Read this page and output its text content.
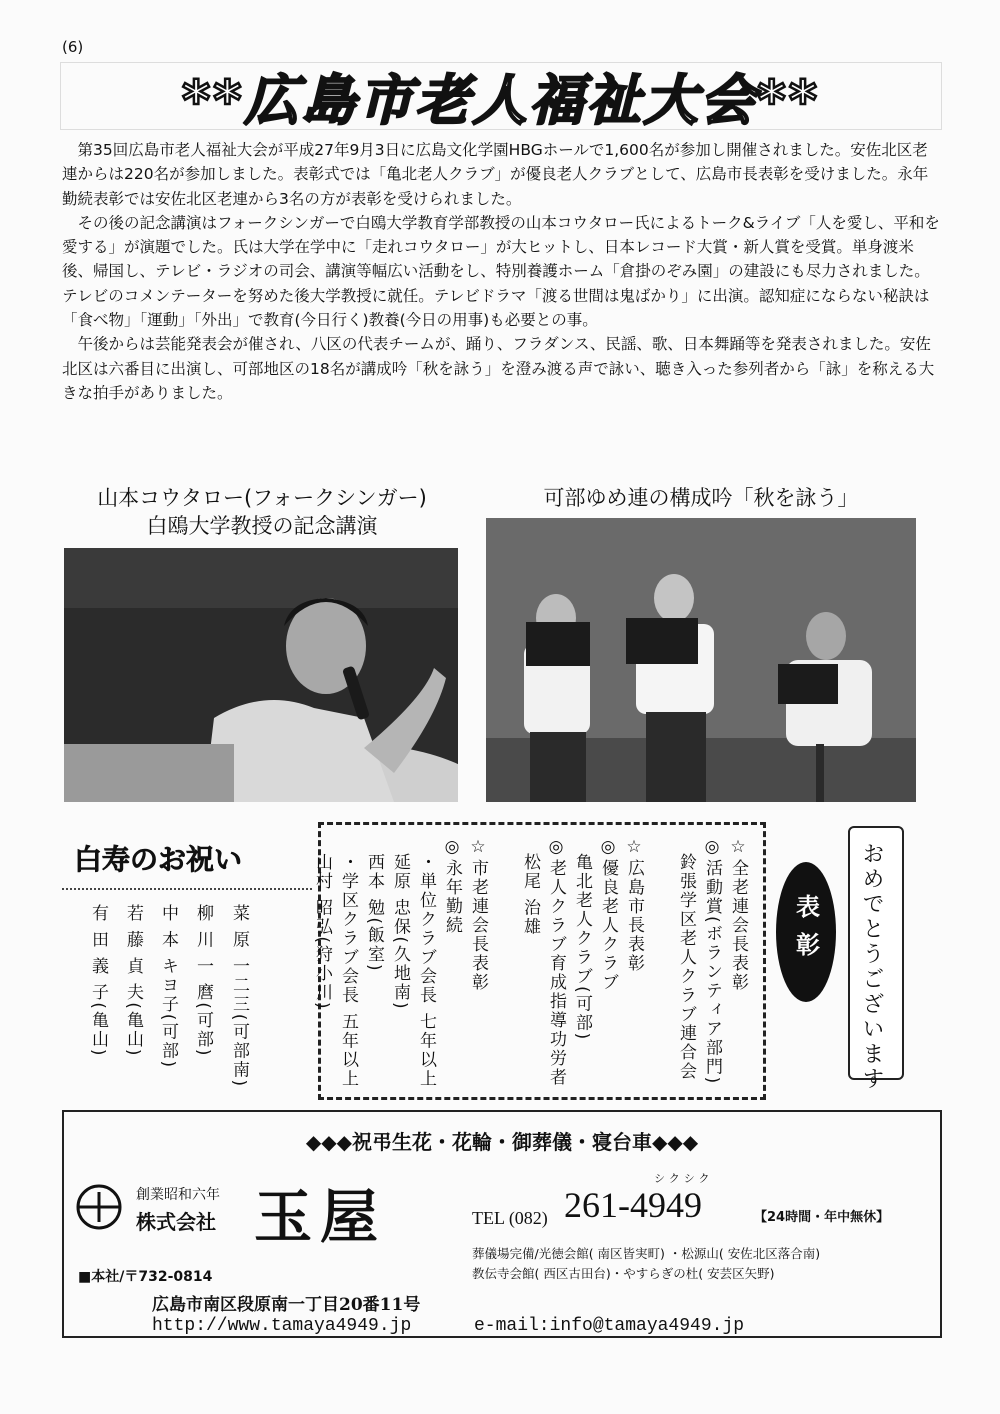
(6)
**広島市老人福祉大会**

第35回広島市老人福祉大会が平成27年9月3日に広島文化学園HBGホールで1,600名が参加し開催されました。安佐北区老連からは220名が参加しました。表彰式では「亀北老人クラブ」が優良老人クラブとして、広島市長表彰を受けました。永年勤続表彰では安佐北区老連から3名の方が表彰を受けられました。

その後の記念講演はフォークシンガーで白鴎大学教育学部教授の山本コウタロー氏によるトーク&ライブ「人を愛し、平和を愛する」が演題でした。氏は大学在学中に「走れコウタロー」が大ヒットし、日本レコード大賞・新人賞を受賞。単身渡米後、帰国し、テレビ・ラジオの司会、講演等幅広い活動をし、特別養護ホーム「倉掛のぞみ園」の建設にも尽力されました。テレビのコメンテーターを努めた後大学教授に就任。テレビドラマ「渡る世間は鬼ばかり」に出演。認知症にならない秘訣は「食べ物」「運動」「外出」で教育(今日行く)教養(今日の用事)も必要との事。

午後からは芸能発表会が催され、八区の代表チームが、踊り、フラダンス、民謡、歌、日本舞踊等を発表されました。安佐北区は六番目に出演し、可部地区の18名が講成吟「秋を詠う」を澄み渡る声で詠い、聴き入った参列者から「詠」を称える大きな拍手がありました。

山本コウタロー(フォークシンガー)
白鴎大学教授の記念講演
可部ゆめ連の構成吟「秋を詠う」
白寿のお祝い
菜 原 一二三(可部南)
柳 川 一 麿(可部)
中 本 キヨ子(可部)
若 藤 貞 夫(亀山)
有 田 義 子(亀山)	☆全老連会長表彰
◎活動賞(ボランティア部門)
鈴張学区老人クラブ連合会
☆広島市長表彰
◎優良老人クラブ
亀北老人クラブ(可部)
◎老人クラブ育成指導功労者
松尾 治雄
☆市老連会長表彰
◎永年勤続
・単位クラブ会長 七年以上
延原 忠保(久地南)
西本 勉(飯室)
・学区クラブ会長 五年以上
山村 昭弘(狩小川)	表彰	おめでとうございます
◆◆◆祝弔生花・花輪・御葬儀・寝台車◆◆◆
創業昭和六年
株式会社 玉屋	TEL (082)
シクシク
261-4949	【24時間・年中無休】
葬儀場完備/光徳会館( 南区皆実町) ・松源山( 安佐北区落合南)
教伝寺会館( 西区古田台)・やすらぎの杜( 安芸区矢野)
■本社/〒732-0814
広島市南区段原南一丁目20番11号
http://www.tamaya4949.jp	e-mail:info@tamaya4949.jp
